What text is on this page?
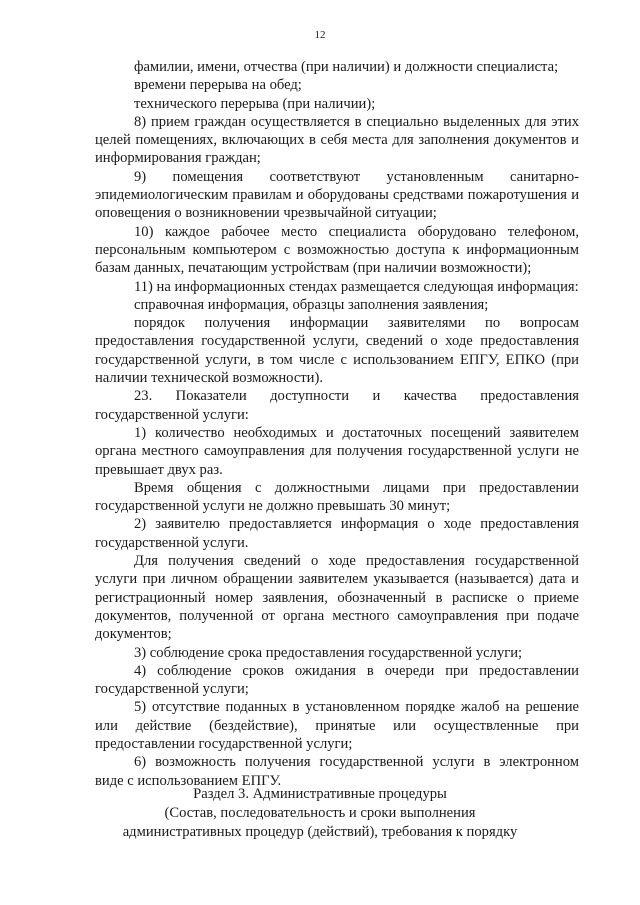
12

фамилии, имени, отчества (при наличии) и должности специалиста;

времени перерыва на обед;

технического перерыва (при наличии);

8) прием граждан осуществляется в специально выделенных для этих целей помещениях, включающих в себя места для заполнения документов и информирования граждан;

9) помещения соответствуют установленным санитарно-эпидемиологическим правилам и оборудованы средствами пожаротушения и оповещения о возникновении чрезвычайной ситуации;

10) каждое рабочее место специалиста оборудовано телефоном, персональным компьютером с возможностью доступа к информационным базам данных, печатающим устройствам (при наличии возможности);

11) на информационных стендах размещается следующая информация:

справочная информация, образцы заполнения заявления;

порядок получения информации заявителями по вопросам предоставления государственной услуги, сведений о ходе предоставления государственной услуги, в том числе с использованием ЕПГУ, ЕПКО (при наличии технической возможности).

23. Показатели доступности и качества предоставления государственной услуги:

1) количество необходимых и достаточных посещений заявителем органа местного самоуправления для получения государственной услуги не превышает двух раз.

Время общения с должностными лицами при предоставлении государственной услуги не должно превышать 30 минут;

2) заявителю предоставляется информация о ходе предоставления государственной услуги.

Для получения сведений о ходе предоставления государственной услуги при личном обращении заявителем указывается (называется) дата и регистрационный номер заявления, обозначенный в расписке о приеме документов, полученной от органа местного самоуправления при подаче документов;

3) соблюдение срока предоставления государственной услуги;

4) соблюдение сроков ожидания в очереди при предоставлении государственной услуги;

5) отсутствие поданных в установленном порядке жалоб на решение или действие (бездействие), принятые или осуществленные при предоставлении государственной услуги;

6) возможность получения государственной услуги в электронном виде с использованием ЕПГУ.

Раздел 3. Административные процедуры
(Состав, последовательность и сроки выполнения
административных процедур (действий), требования к порядку
